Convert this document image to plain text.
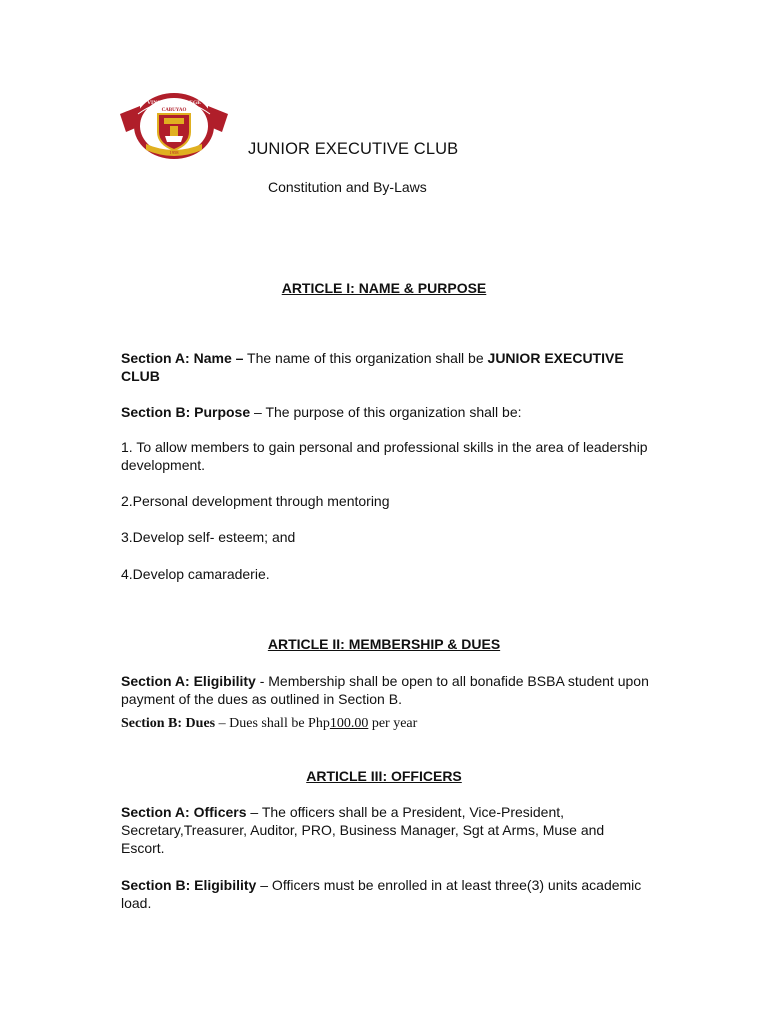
VINCENT COLLEGE
CABUYAO
1958	JUNIOR EXECUTIVE CLUB
Constitution and By-Laws
ARTICLE I: NAME & PURPOSE
Section A: Name – The name of this organization shall be JUNIOR EXECUTIVE CLUB
Section B: Purpose – The purpose of this organization shall be:
1. To allow members to gain personal and professional skills in the area of leadership development.
2.Personal development through mentoring
3.Develop self- esteem; and
4.Develop camaraderie.
ARTICLE II: MEMBERSHIP & DUES
Section A: Eligibility - Membership shall be open to all bonafide BSBA student upon payment of the dues as outlined in Section B.
Section B: Dues – Dues shall be Php100.00 per year
ARTICLE III: OFFICERS
Section A: Officers – The officers shall be a President, Vice-President, Secretary,Treasurer, Auditor, PRO, Business Manager, Sgt at Arms, Muse and Escort.
Section B: Eligibility – Officers must be enrolled in at least three(3) units academic load.
